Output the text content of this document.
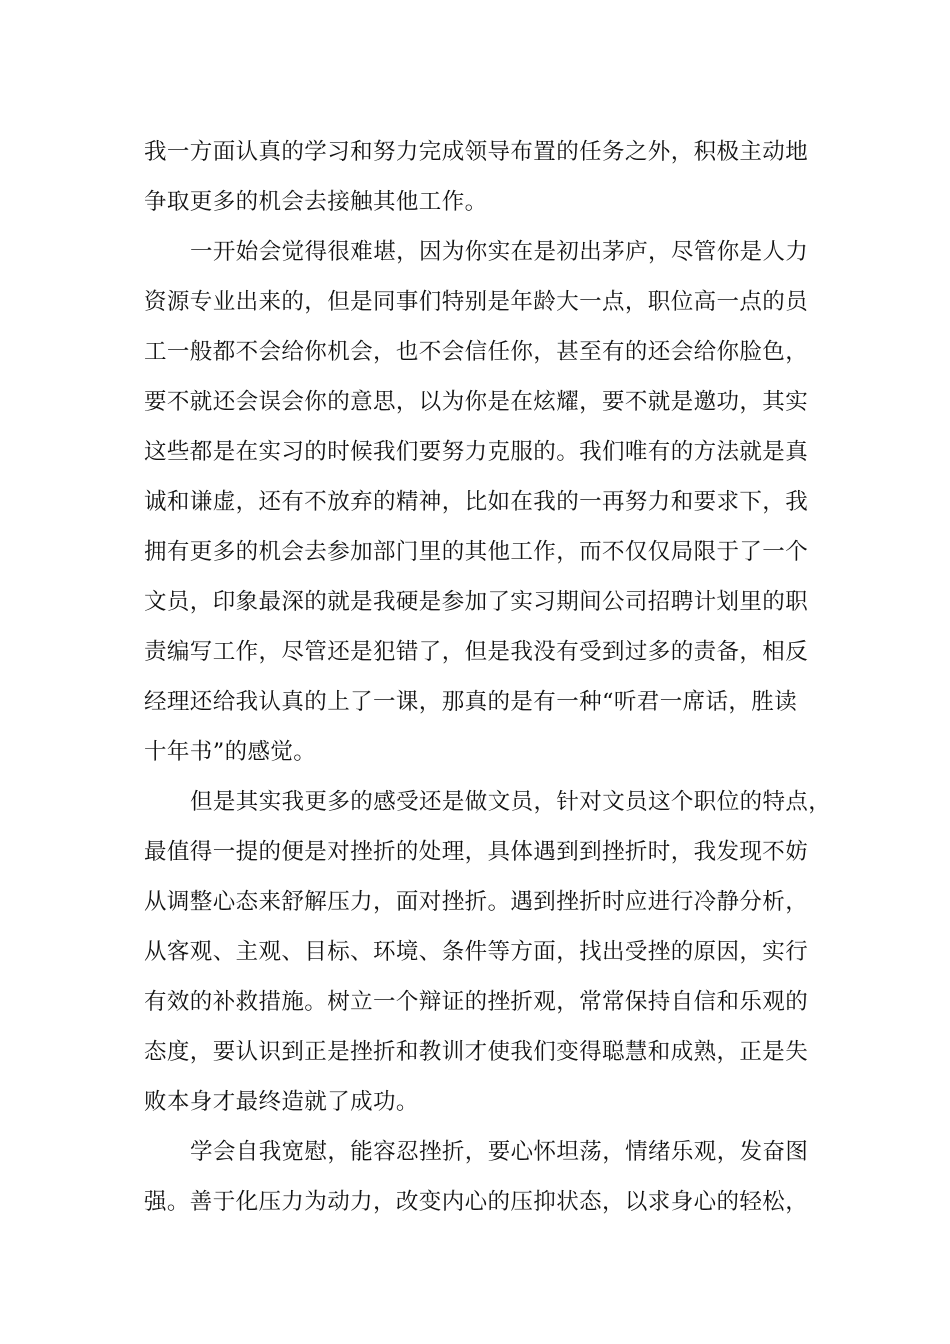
我一方面认真的学习和努力完成领导布置的任务之外，积极主动地
争取更多的机会去接触其他工作。
一开始会觉得很难堪，因为你实在是初出茅庐，尽管你是人力
资源专业出来的，但是同事们特别是年龄大一点，职位高一点的员
工一般都不会给你机会，也不会信任你，甚至有的还会给你脸色，
要不就还会误会你的意思，以为你是在炫耀，要不就是邀功，其实
这些都是在实习的时候我们要努力克服的。我们唯有的方法就是真
诚和谦虚，还有不放弃的精神，比如在我的一再努力和要求下，我
拥有更多的机会去参加部门里的其他工作，而不仅仅局限于了一个
文员，印象最深的就是我硬是参加了实习期间公司招聘计划里的职
责编写工作，尽管还是犯错了，但是我没有受到过多的责备，相反
经理还给我认真的上了一课，那真的是有一种“听君一席话，胜读
十年书”的感觉。
但是其实我更多的感受还是做文员，针对文员这个职位的特点，
最值得一提的便是对挫折的处理，具体遇到到挫折时，我发现不妨
从调整心态来舒解压力，面对挫折。遇到挫折时应进行冷静分析，
从客观、主观、目标、环境、条件等方面，找出受挫的原因，实行
有效的补救措施。树立一个辩证的挫折观，常常保持自信和乐观的
态度，要认识到正是挫折和教训才使我们变得聪慧和成熟，正是失
败本身才最终造就了成功。
学会自我宽慰，能容忍挫折，要心怀坦荡，情绪乐观，发奋图
强。善于化压力为动力，改变内心的压抑状态，以求身心的轻松，
